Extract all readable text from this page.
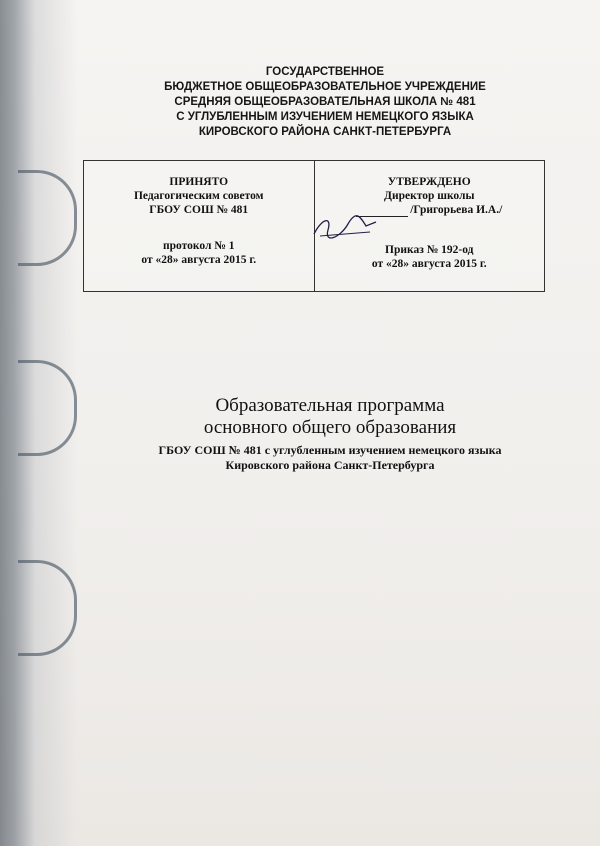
ГОСУДАРСТВЕННОЕ
БЮДЖЕТНОЕ ОБЩЕОБРАЗОВАТЕЛЬНОЕ УЧРЕЖДЕНИЕ
СРЕДНЯЯ ОБЩЕОБРАЗОВАТЕЛЬНАЯ ШКОЛА № 481
С УГЛУБЛЕННЫМ ИЗУЧЕНИЕМ НЕМЕЦКОГО ЯЗЫКА
КИРОВСКОГО РАЙОНА САНКТ-ПЕТЕРБУРГА
ПРИНЯТО
Педагогическим советом
ГБОУ СОШ № 481
протокол № 1
от «28» августа 2015 г.
УТВЕРЖДЕНО
Директор школы
/Григорьева И.А./
Приказ № 192-од
от «28» августа 2015 г.
Образовательная программа
основного общего образования
ГБОУ СОШ № 481 с углубленным изучением немецкого языка
Кировского района Санкт-Петербурга
